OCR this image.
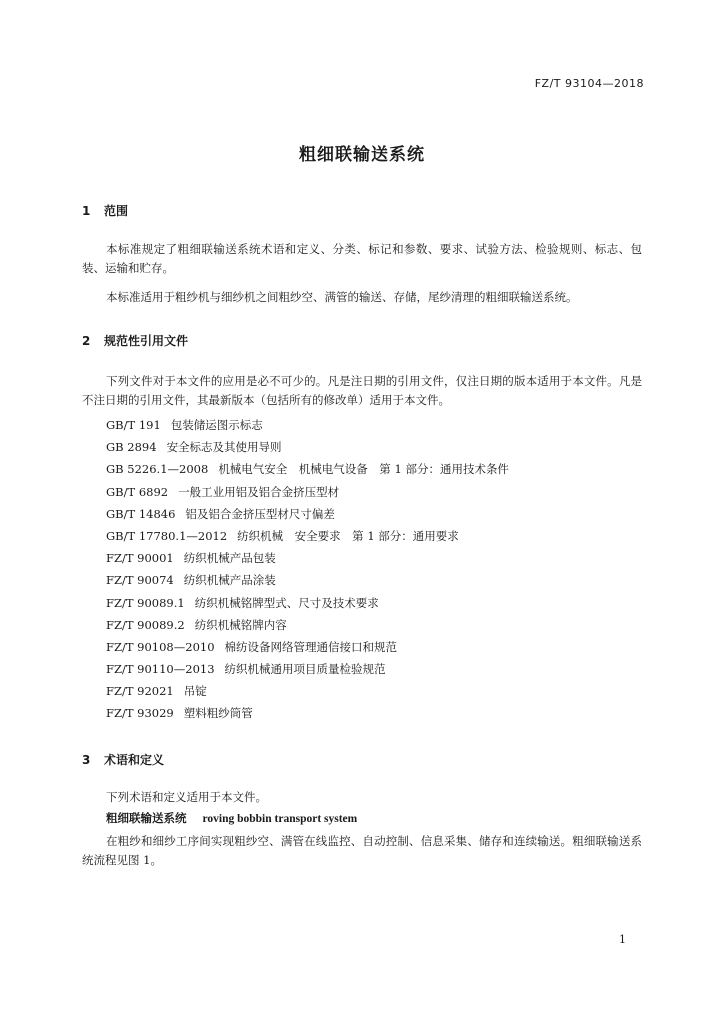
FZ/T 93104—2018
粗细联输送系统
1 范围
本标准规定了粗细联输送系统术语和定义、分类、标记和参数、要求、试验方法、检验规则、标志、包装、运输和贮存。
本标准适用于粗纱机与细纱机之间粗纱空、满管的输送、存储，尾纱清理的粗细联输送系统。
2 规范性引用文件
下列文件对于本文件的应用是必不可少的。凡是注日期的引用文件，仅注日期的版本适用于本文件。凡是不注日期的引用文件，其最新版本（包括所有的修改单）适用于本文件。
GB/T 191 包装储运图示标志
GB 2894 安全标志及其使用导则
GB 5226.1—2008 机械电气安全　机械电气设备　第 1 部分：通用技术条件
GB/T 6892 一般工业用铝及铝合金挤压型材
GB/T 14846 铝及铝合金挤压型材尺寸偏差
GB/T 17780.1—2012 纺织机械　安全要求　第 1 部分：通用要求
FZ/T 90001 纺织机械产品包装
FZ/T 90074 纺织机械产品涂装
FZ/T 90089.1 纺织机械铭牌型式、尺寸及技术要求
FZ/T 90089.2 纺织机械铭牌内容
FZ/T 90108—2010 棉纺设备网络管理通信接口和规范
FZ/T 90110—2013 纺织机械通用项目质量检验规范
FZ/T 92021 吊锭
FZ/T 93029 塑料粗纱筒管
3 术语和定义
下列术语和定义适用于本文件。
粗细联输送系统 roving bobbin transport system
在粗纱和细纱工序间实现粗纱空、满管在线监控、自动控制、信息采集、储存和连续输送。粗细联输送系统流程见图 1。
1
